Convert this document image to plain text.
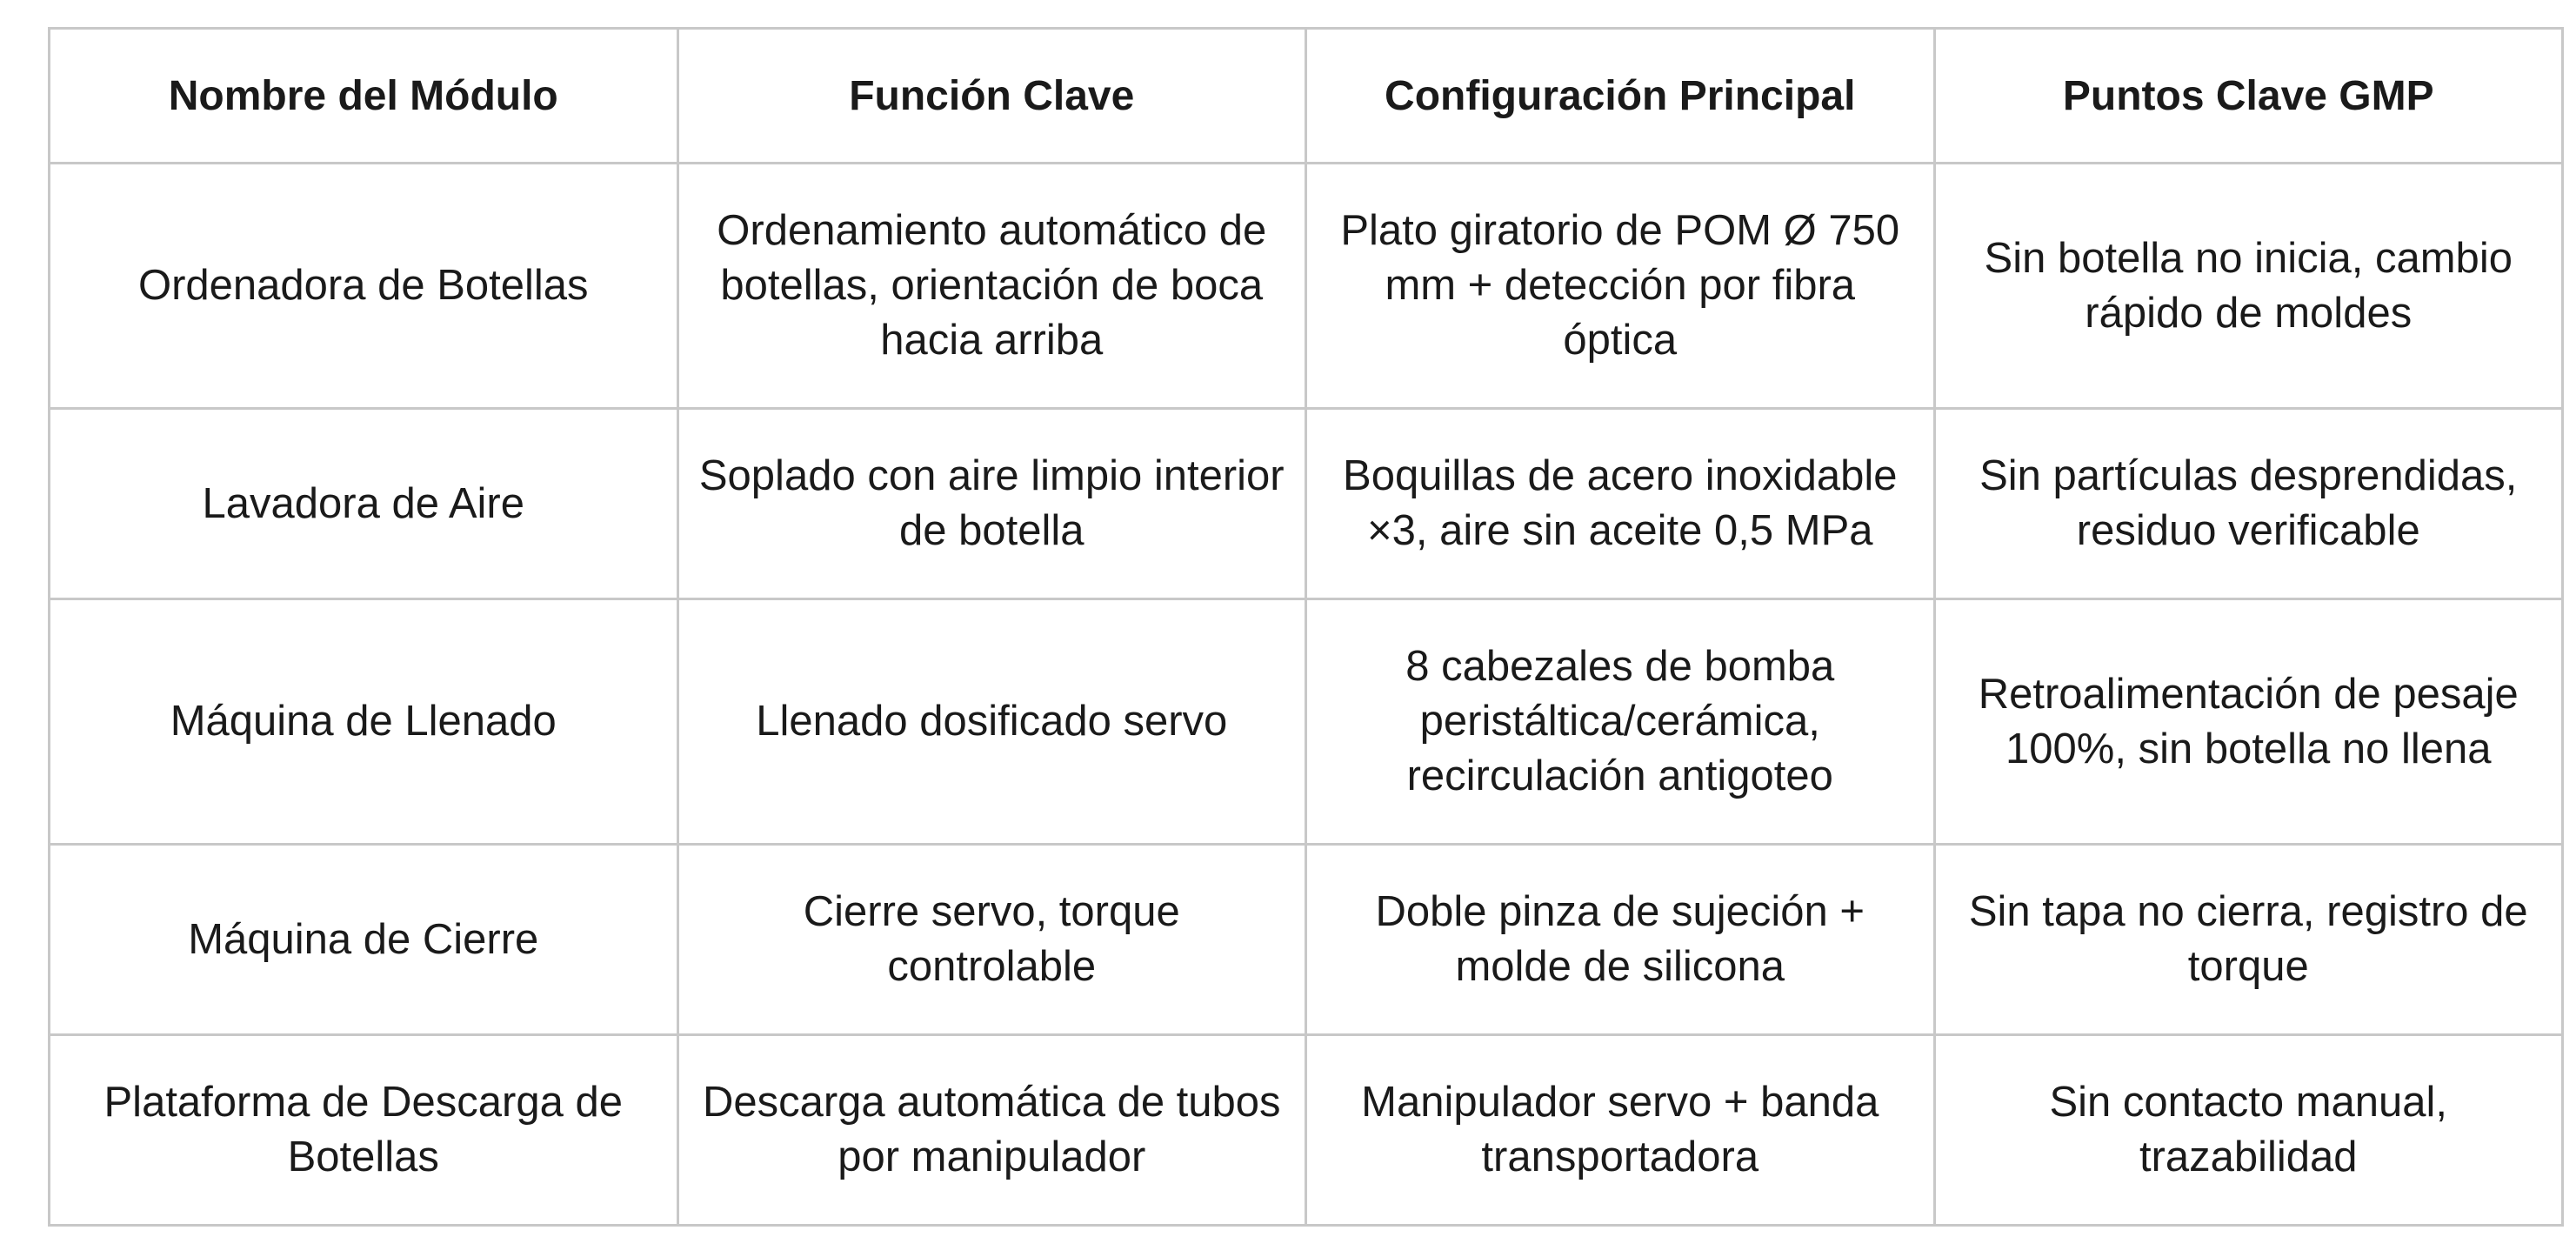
Nombre del Módulo	Función Clave	Configuración Principal	Puntos Clave GMP
Ordenadora de Botellas	Ordenamiento automático de botellas, orientación de boca hacia arriba	Plato giratorio de POM Ø 750 mm + detección por fibra óptica	Sin botella no inicia, cambio rápido de moldes
Lavadora de Aire	Soplado con aire limpio interior de botella	Boquillas de acero inoxidable ×3, aire sin aceite 0,5 MPa	Sin partículas desprendidas, residuo verificable
Máquina de Llenado	Llenado dosificado servo	8 cabezales de bomba peristáltica/cerámica, recirculación antigoteo	Retroalimentación de pesaje 100%, sin botella no llena
Máquina de Cierre	Cierre servo, torque controlable	Doble pinza de sujeción + molde de silicona	Sin tapa no cierra, registro de torque
Plataforma de Descarga de Botellas	Descarga automática de tubos por manipulador	Manipulador servo + banda transportadora	Sin contacto manual, trazabilidad
